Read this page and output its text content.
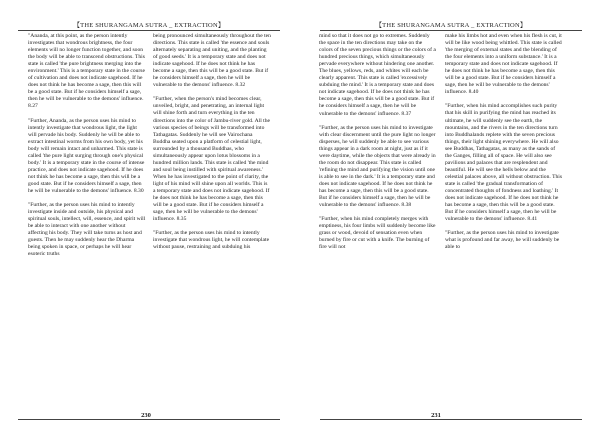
【THE SHURANGAMA SUTRA _ EXTRACTION】

"Ananda, at this point, as the person intently investigates that wondrous brightness, the four elements will no longer function together, and soon the body will be able to transcend obstructions. This state is called 'the pure brightness merging into the environment.' This is a temporary state in the course of cultivation and does not indicate sagehood. If he does not think he has become a sage, then this will be a good state. But if he considers himself a sage, then he will be vulnerable to the demons' influence. 8.27

"Further, Ananda, as the person uses his mind to intently investigate that wondrous light, the light will pervade his body. Suddenly he will be able to extract intestinal worms from his own body, yet his body will remain intact and unharmed. This state is called 'the pure light surging through one's physical body.' It is a temporary state in the course of intense practice, and does not indicate sagehood. If he does not think he has become a sage, then this will be a good state. But if he considers himself a sage, then he will be vulnerable to the demons' influence. 8.30

"Further, as the person uses his mind to intently investigate inside and outside, his physical and spiritual souls, intellect, will, essence, and spirit will be able to interact with one another without affecting his body. They will take turns as host and guests. Then he may suddenly hear the Dharma being spoken in space, or perhaps he will hear esoteric truths

being pronounced simultaneously throughout the ten directions. This state is called 'the essence and souls alternately separating and uniting, and the planting of good seeds.' It is a temporary state and does not indicate sagehood. If he does not think he has become a sage, then this will be a good state. But if he considers himself a sage, then he will be vulnerable to the demons' influence. 8.32

"Further, when the person's mind becomes clear, unveiled, bright, and penetrating, an internal light will shine forth and turn everything in the ten directions into the color of Jambu-river gold. All the various species of beings will be transformed into Tathagatas. Suddenly he will see Vairochana Buddha seated upon a platform of celestial light, surrounded by a thousand Buddhas, who simultaneously appear upon lotus blossoms in a hundred million lands. This state is called 'the mind and soul being instilled with spiritual awareness.' When he has investigated to the point of clarity, the light of his mind will shine upon all worlds. This is a temporary state and does not indicate sagehood. If he does not think he has become a sage, then this will be a good state. But if he considers himself a sage, then he will be vulnerable to the demons' influence. 8.35

"Further, as the person uses his mind to intently investigate that wondrous light, he will contemplate without pause, restraining and subduing his

230
【THE SHURANGAMA SUTRA _ EXTRACTION】

mind so that it does not go to extremes. Suddenly the space in the ten directions may take on the colors of the seven precious things or the colors of a hundred precious things, which simultaneously pervade everywhere without hindering one another. The blues, yellows, reds, and whites will each be clearly apparent. This state is called 'excessively subduing the mind.' It is a temporary state and does not indicate sagehood. If he does not think he has become a sage, then this will be a good state. But if he considers himself a sage, then he will be vulnerable to the demons' influence. 8.37

"Further, as the person uses his mind to investigate with clear discernment until the pure light no longer disperses, he will suddenly be able to see various things appear in a dark room at night, just as if it were daytime, while the objects that were already in the room do not disappear. This state is called 'refining the mind and purifying the vision until one is able to see in the dark.' It is a temporary state and does not indicate sagehood. If he does not think he has become a sage, then this will be a good state. But if he considers himself a sage, then he will be vulnerable to the demons' influence. 8.38

"Further, when his mind completely merges with emptiness, his four limbs will suddenly become like grass or wood, devoid of sensation even when burned by fire or cut with a knife. The burning of fire will not

make his limbs hot and even when his flesh is cut, it will be like wood being whittled. This state is called 'the merging of external states and the blending of the four elements into a uniform substance.' It is a temporary state and does not indicate sagehood. If he does not think he has become a sage, then this will be a good state. But if he considers himself a sage, then he will be vulnerable to the demons' influence. 8.40

"Further, when his mind accomplishes such purity that his skill in purifying the mind has reached its ultimate, he will suddenly see the earth, the mountains, and the rivers in the ten directions turn into Buddhalands replete with the seven precious things, their light shining everywhere. He will also see Buddhas, Tathagatas, as many as the sands of the Ganges, filling all of space. He will also see pavilions and palaces that are resplendent and beautiful. He will see the hells below and the celestial palaces above, all without obstruction. This state is called 'the gradual transformation of concentrated thoughts of fondness and loathing.' It does not indicate sagehood. If he does not think he has become a sage, then this will be a good state. But if he considers himself a sage, then he will be vulnerable to the demons' influence. 8.41

"Further, as the person uses his mind to investigate what is profound and far away, he will suddenly be able to

231
